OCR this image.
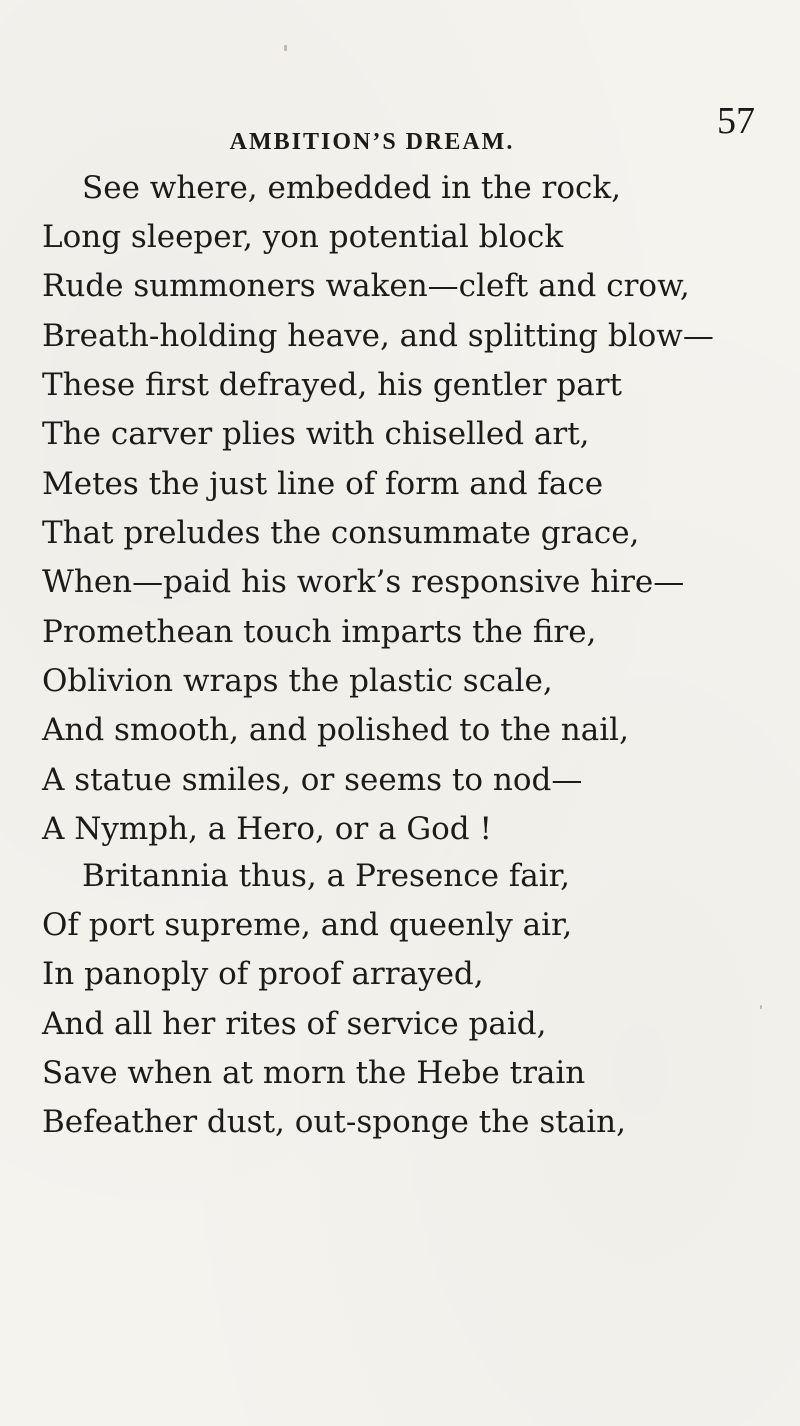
AMBITION’S DREAM.	57
See where, embedded in the rock,
Long sleeper, yon potential block
Rude summoners waken—cleft and crow,
Breath-holding heave, and splitting blow—
These first defrayed, his gentler part
The carver plies with chiselled art,
Metes the just line of form and face
That preludes the consummate grace,
When—paid his work’s responsive hire—
Promethean touch imparts the fire,
Oblivion wraps the plastic scale,
And smooth, and polished to the nail,
A statue smiles, or seems to nod—
A Nymph, a Hero, or a God !
Britannia thus, a Presence fair,
Of port supreme, and queenly air,
In panoply of proof arrayed,
And all her rites of service paid,
Save when at morn the Hebe train
Befeather dust, out-sponge the stain,
